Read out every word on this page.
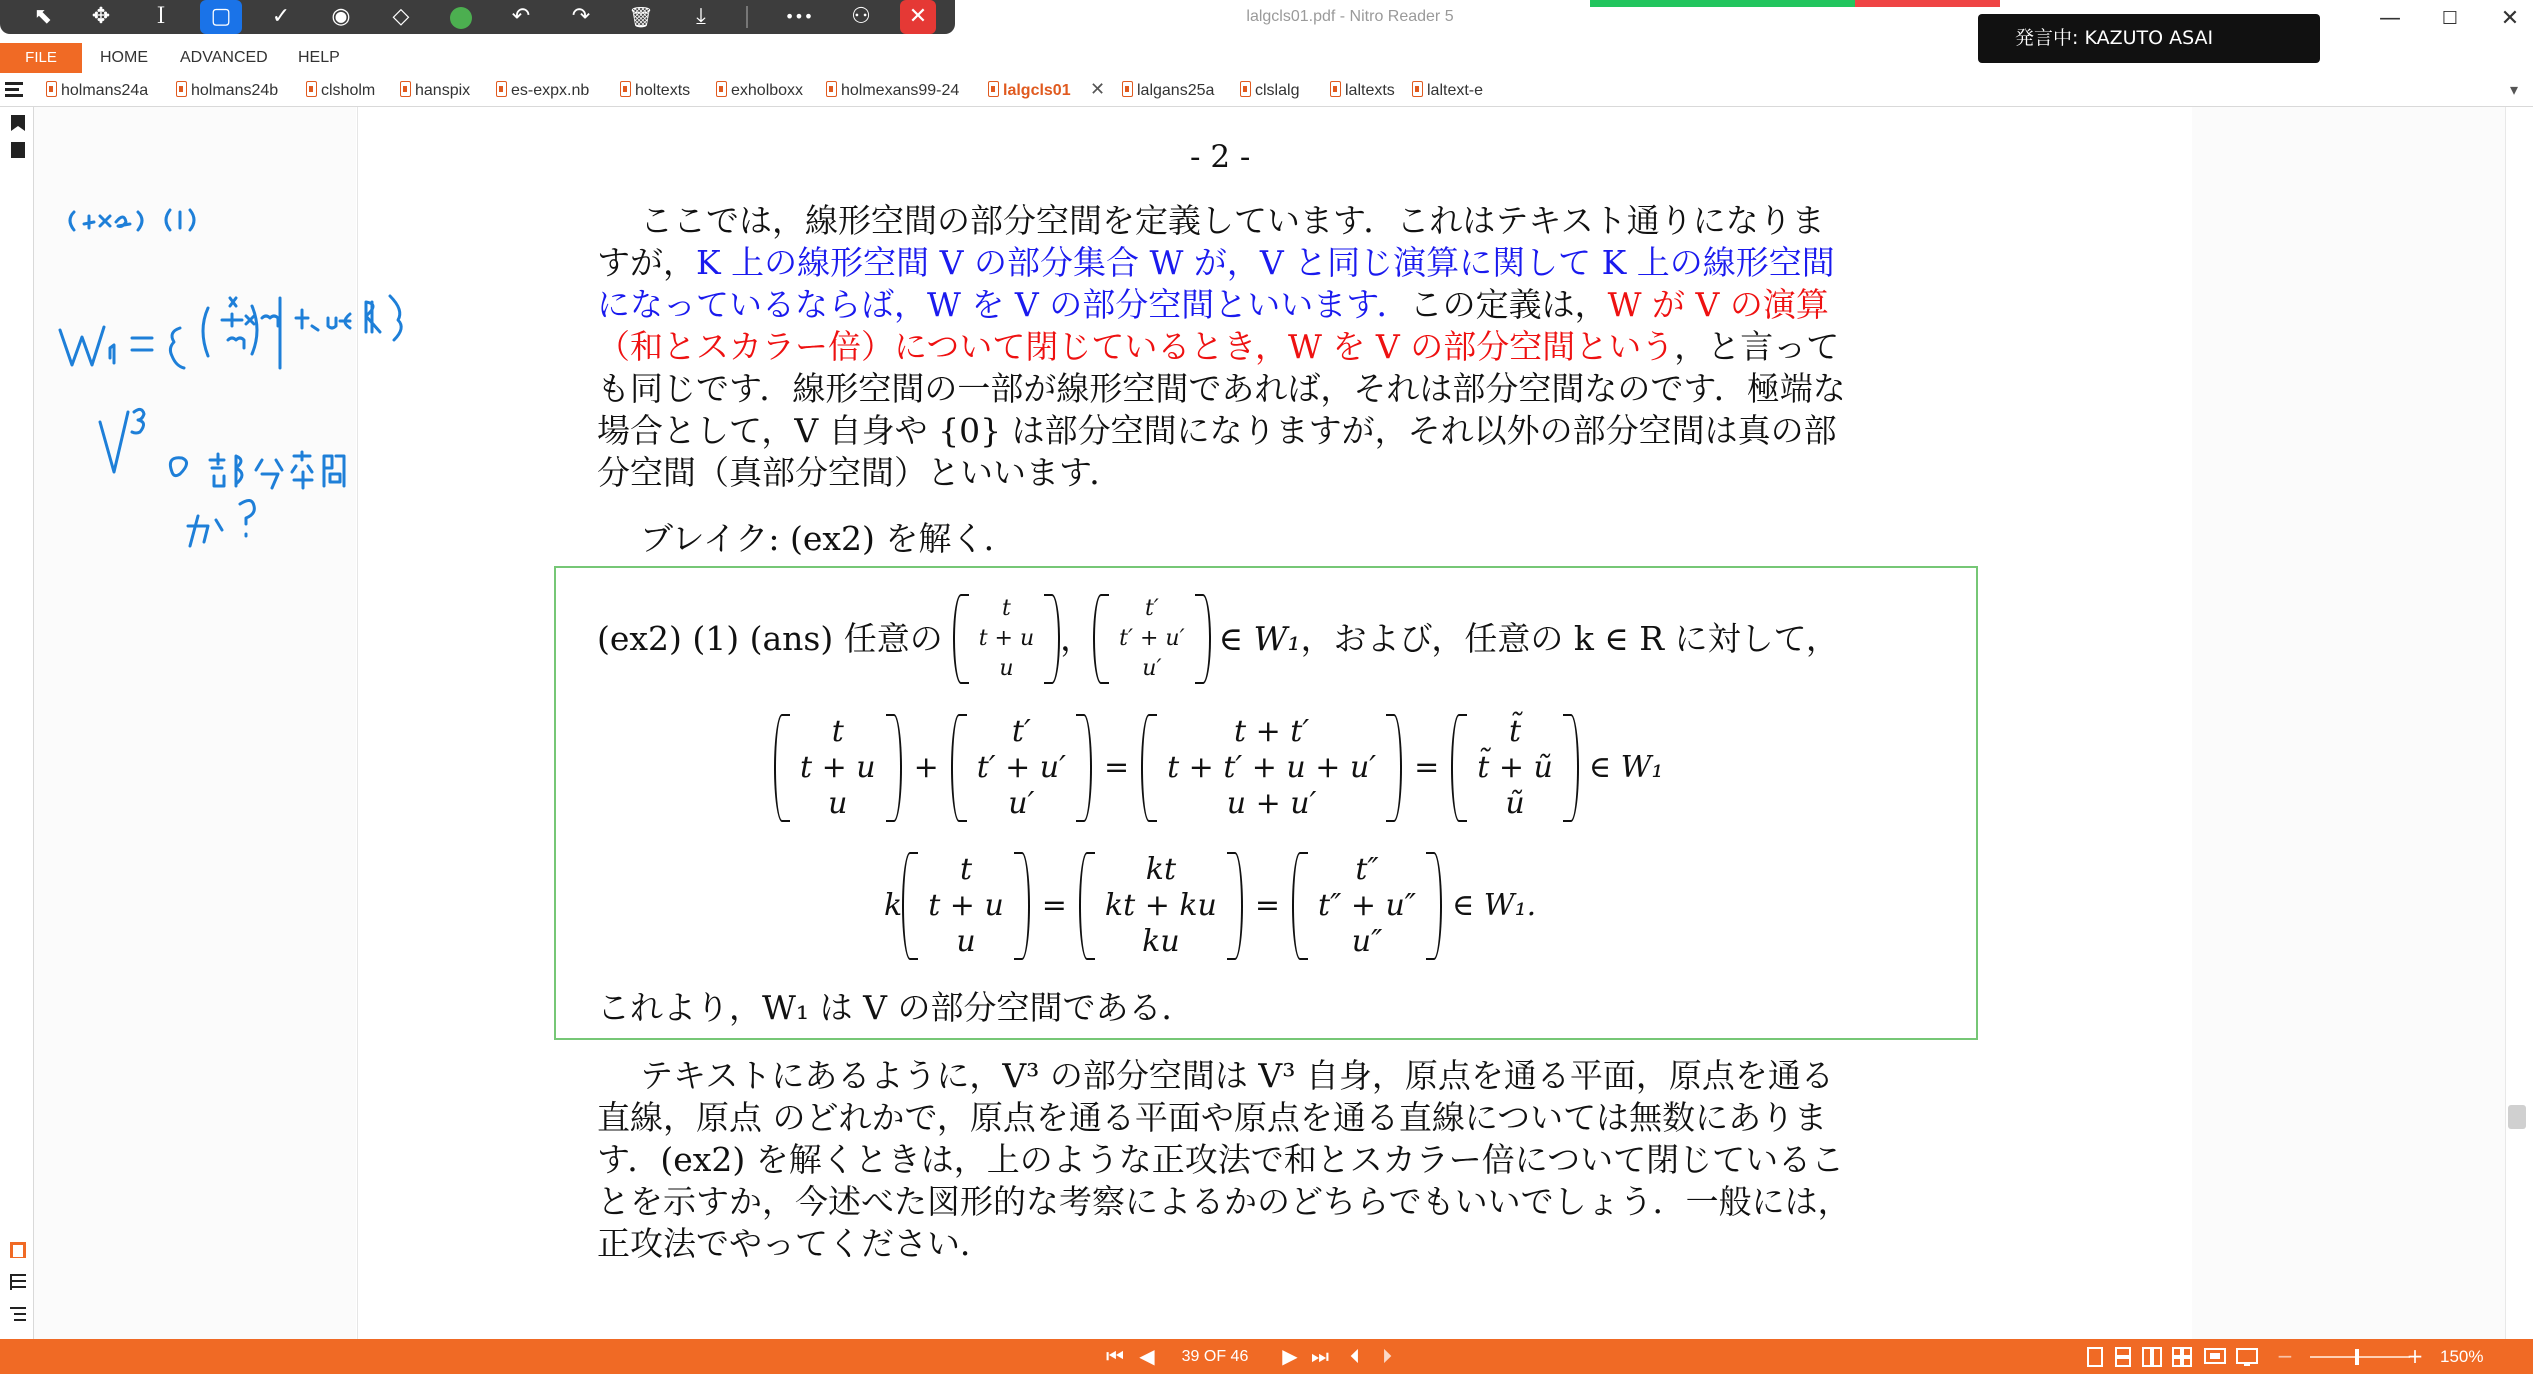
lalgcls01.pdf - Nitro Reader 5	—	☐	✕
⬉	✥	Ｉ	▢	✓	◉	◇	↶	↷	🗑	⤓	•••	⚇	✕
発言中: KAZUTO ASAI
FILE	HOME ADVANCED HELP
holmans24a	holmans24b	clsholm	hanspix	es-expx.nb	holtexts	exholboxx	holmexans99-24	lalgcls01 ✕	lalgans25a	clslalg	laltexts	laltext-e	▾
- 2 -
ここでは，線形空間の部分空間を定義しています．これはテキスト通りになりま
すが，K 上の線形空間 V の部分集合 W が，V と同じ演算に関して K 上の線形空間
になっているならば，W を V の部分空間といいます．この定義は，W が V の演算
（和とスカラー倍）について閉じているとき，W を V の部分空間という，と言って
も同じです．線形空間の一部が線形空間であれば，それは部分空間なのです．極端な
場合として，V 自身や {0} は部分空間になりますが，それ以外の部分空間は真の部
分空間（真部分空間）といいます．
ブレイク: (ex2) を解く．
(ex2) (1) (ans) 任意の
t
t + u
u
，
t′
t′ + u′
u′
∈ W₁ ，および，任意の k ∈ R に対して，
t
t + u
u
+
t′
t′ + u′
u′
=
t + t′
t + t′ + u + u′
u + u′
=
t̃
t̃ + ũ
ũ
∈ W₁
k
t
t + u
u
=
kt
kt + ku
ku
=
t″
t″ + u″
u″
∈ W₁.
これより，W₁ は V の部分空間である．
テキストにあるように，V³ の部分空間は V³ 自身，原点を通る平面，原点を通る
直線，原点 のどれかで，原点を通る平面や原点を通る直線については無数にありま
す．(ex2) を解くときは，上のような正攻法で和とスカラー倍について閉じているこ
とを示すか，今述べた図形的な考察によるかのどちらでもいいでしょう．一般には，
正攻法でやってください．
⏮ ◀	39 OF 46	▶ ⏭	⏴	⏵	−	+ 150%
